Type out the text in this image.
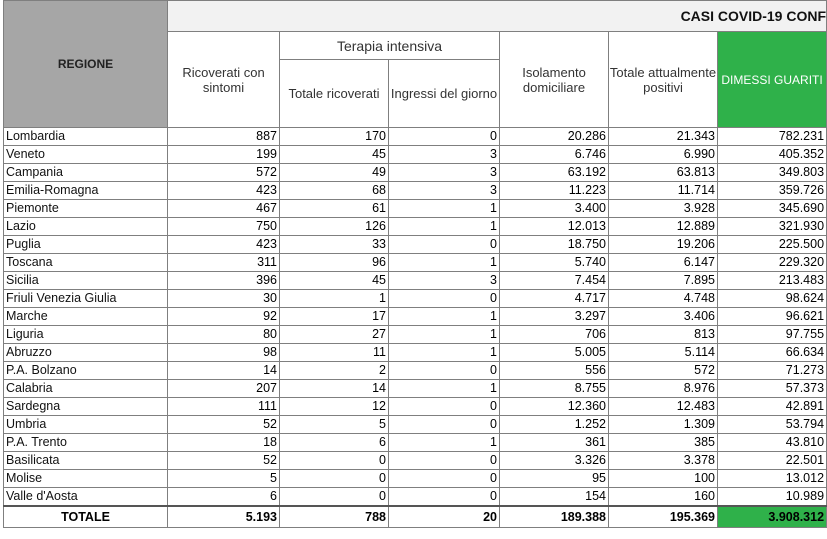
REGIONE	CASI COVID-19 CONF					
	Ricoverati con sintomi	Terapia intensiva		Isolamento domiciliare	Totale attualmente positivi	DIMESSI GUARITI
		Totale ricoverati	Ingressi del giorno			
Lombardia	887	170	0	20.286	21.343	782.231
Veneto	199	45	3	6.746	6.990	405.352
Campania	572	49	3	63.192	63.813	349.803
Emilia-Romagna	423	68	3	11.223	11.714	359.726
Piemonte	467	61	1	3.400	3.928	345.690
Lazio	750	126	1	12.013	12.889	321.930
Puglia	423	33	0	18.750	19.206	225.500
Toscana	311	96	1	5.740	6.147	229.320
Sicilia	396	45	3	7.454	7.895	213.483
Friuli Venezia Giulia	30	1	0	4.717	4.748	98.624
Marche	92	17	1	3.297	3.406	96.621
Liguria	80	27	1	706	813	97.755
Abruzzo	98	11	1	5.005	5.114	66.634
P.A. Bolzano	14	2	0	556	572	71.273
Calabria	207	14	1	8.755	8.976	57.373
Sardegna	111	12	0	12.360	12.483	42.891
Umbria	52	5	0	1.252	1.309	53.794
P.A. Trento	18	6	1	361	385	43.810
Basilicata	52	0	0	3.326	3.378	22.501
Molise	5	0	0	95	100	13.012
Valle d'Aosta	6	0	0	154	160	10.989
TOTALE	5.193	788	20	189.388	195.369	3.908.312
